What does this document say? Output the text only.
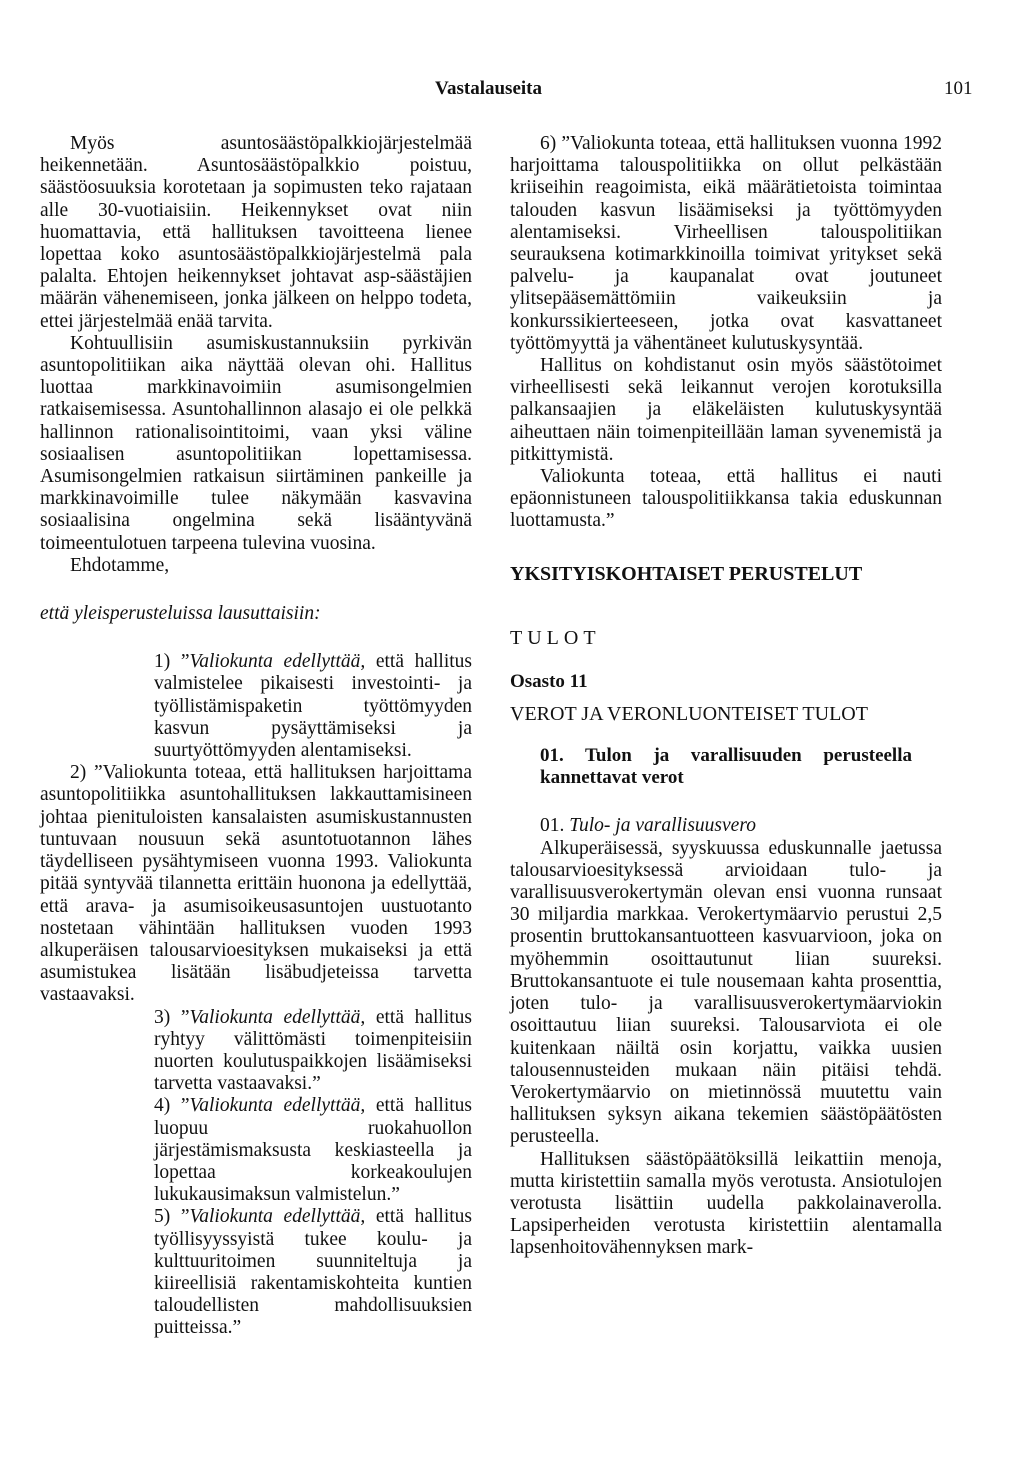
Vastalauseita	101

Myös asuntosäästöpalkkiojärjestelmää heikennetään. Asuntosäästöpalkkio poistuu, säästöosuuksia korotetaan ja sopimusten teko rajataan alle 30-vuotiaisiin. Heikennykset ovat niin huomattavia, että hallituksen tavoitteena lienee lopettaa koko asuntosäästöpalkkiojärjestelmä pala palalta. Ehtojen heikennykset johtavat asp-säästäjien määrän vähenemiseen, jonka jälkeen on helppo todeta, ettei järjestelmää enää tarvita.

Kohtuullisiin asumiskustannuksiin pyrkivän asuntopolitiikan aika näyttää olevan ohi. Hallitus luottaa markkinavoimiin asumisongelmien ratkaisemisessa. Asuntohallinnon alasajo ei ole pelkkä hallinnon rationalisointitoimi, vaan yksi väline sosiaalisen asuntopolitiikan lopettamisessa. Asumisongelmien ratkaisun siirtäminen pankeille ja markkinavoimille tulee näkymään kasvavina sosiaalisina ongelmina sekä lisääntyvänä toimeentulotuen tarpeena tulevina vuosina.

Ehdotamme,

että yleisperusteluissa lausuttaisiin:

1) ”Valiokunta edellyttää, että hallitus valmistelee pikaisesti investointi- ja työllistämispaketin työttömyyden kasvun pysäyttämiseksi ja suurtyöttömyyden alentamiseksi.

2) ”Valiokunta toteaa, että hallituksen harjoittama asuntopolitiikka asuntohallituksen lakkauttamisineen johtaa pienituloisten kansalaisten asumiskustannusten tuntuvaan nousuun sekä asuntotuotannon lähes täydelliseen pysähtymiseen vuonna 1993. Valiokunta pitää syntyvää tilannetta erittäin huonona ja edellyttää, että arava- ja asumisoikeusasuntojen uustuotanto nostetaan vähintään hallituksen vuoden 1993 alkuperäisen talousarvioesityksen mukaiseksi ja että asumistukea lisätään lisäbudjeteissa tarvetta vastaavaksi.

3) ”Valiokunta edellyttää, että hallitus ryhtyy välittömästi toimenpiteisiin nuorten koulutuspaikkojen lisäämiseksi tarvetta vastaavaksi.”

4) ”Valiokunta edellyttää, että hallitus luopuu ruokahuollon järjestämismaksusta keskiasteella ja lopettaa korkeakoulujen lukukausimaksun valmistelun.”

5) ”Valiokunta edellyttää, että hallitus työllisyyssyistä tukee koulu- ja kulttuuritoimen suunniteltuja ja kiireellisiä rakentamiskohteita kuntien taloudellisten mahdollisuuksien puitteissa.”

6) ”Valiokunta toteaa, että hallituksen vuonna 1992 harjoittama talouspolitiikka on ollut pelkästään kriiseihin reagoimista, eikä määrätietoista toimintaa talouden kasvun lisäämiseksi ja työttömyyden alentamiseksi. Virheellisen talouspolitiikan seurauksena kotimarkkinoilla toimivat yritykset sekä palvelu- ja kaupanalat ovat joutuneet ylitsepääsemättömiin vaikeuksiin ja konkurssikierteeseen, jotka ovat kasvattaneet työttömyyttä ja vähentäneet kulutuskysyntää.

Hallitus on kohdistanut osin myös säästötoimet virheellisesti sekä leikannut verojen korotuksilla palkansaajien ja eläkeläisten kulutuskysyntää aiheuttaen näin toimenpiteillään laman syvenemistä ja pitkittymistä.

Valiokunta toteaa, että hallitus ei nauti epäonnistuneen talouspolitiikkansa takia eduskunnan luottamusta.”

YKSITYISKOHTAISET PERUSTELUT

TULOT

Osasto 11

VEROT JA VERONLUONTEISET TULOT

01. Tulon ja varallisuuden perusteella kannettavat verot

01. Tulo- ja varallisuusvero

Alkuperäisessä, syyskuussa eduskunnalle jaetussa talousarvioesityksessä arvioidaan tulo- ja varallisuusverokertymän olevan ensi vuonna runsaat 30 miljardia markkaa. Verokertymäarvio perustui 2,5 prosentin bruttokansantuotteen kasvuarvioon, joka on myöhemmin osoittautunut liian suureksi. Bruttokansantuote ei tule nousemaan kahta prosenttia, joten tulo- ja varallisuusverokertymäarviokin osoittautuu liian suureksi. Talousarviota ei ole kuitenkaan näiltä osin korjattu, vaikka uusien talousennusteiden mukaan näin pitäisi tehdä. Verokertymäarvio on mietinnössä muutettu vain hallituksen syksyn aikana tekemien säästöpäätösten perusteella.

Hallituksen säästöpäätöksillä leikattiin menoja, mutta kiristettiin samalla myös verotusta. Ansiotulojen verotusta lisättiin uudella pakkolainaverolla. Lapsiperheiden verotusta kiristettiin alentamalla lapsenhoitovähennyksen mark-
